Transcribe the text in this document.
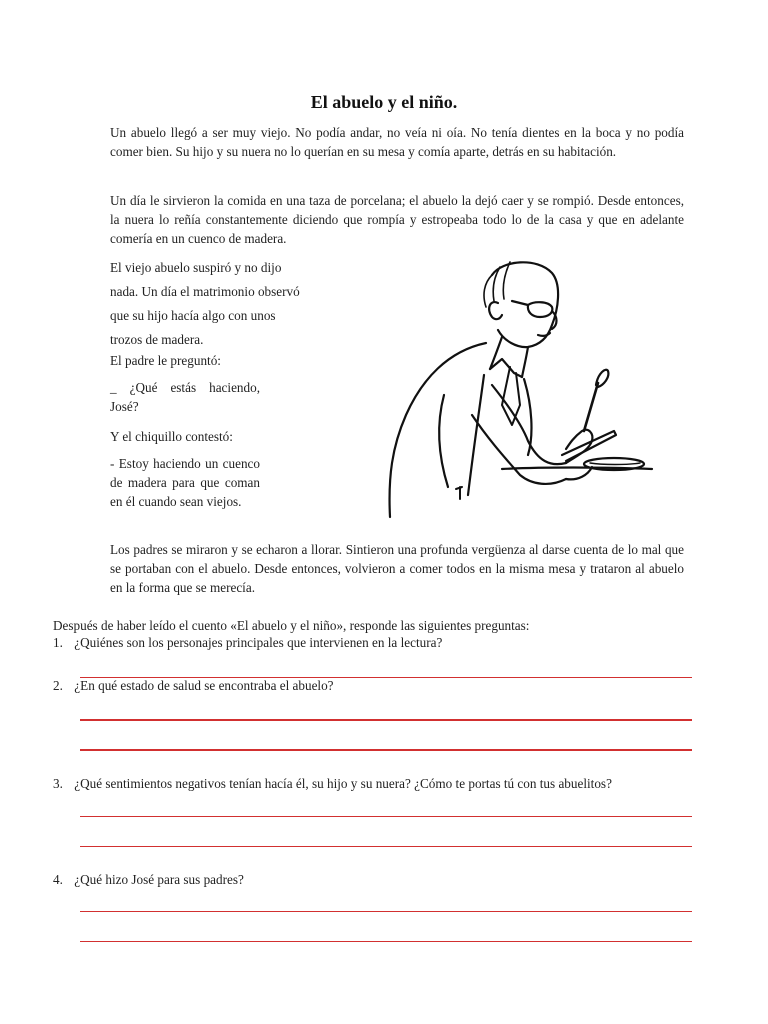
El abuelo y el niño.
Un abuelo llegó a ser muy viejo. No podía andar, no veía ni oía. No tenía dientes en la boca y no podía comer bien. Su hijo y su nuera no lo querían en su mesa y comía aparte, detrás en su habitación.
Un día le sirvieron la comida en una taza de porcelana; el abuelo la dejó caer y se rompió. Desde entonces, la nuera lo reñía constantemente diciendo que rompía y estropeaba todo lo de la casa y que en adelante comería en un cuenco de madera.
El viejo abuelo suspiró y no dijo nada. Un día el matrimonio observó que su hijo hacía algo con unos trozos de madera.
El padre le preguntó:
_ ¿Qué estás haciendo, José?
Y el chiquillo contestó:
- Estoy haciendo un cuenco de madera para que coman en él cuando sean viejos.
Los padres se miraron y se echaron a llorar. Sintieron una profunda vergüenza al darse cuenta de lo mal que se portaban con el abuelo. Desde entonces, volvieron a comer todos en la misma mesa y trataron al abuelo en la forma que se merecía.
Después de haber leído el cuento «El abuelo y el niño», responde las siguientes preguntas:
1. ¿Quiénes son los personajes principales que intervienen en la lectura?
2. ¿En qué estado de salud se encontraba el abuelo?
3. ¿Qué sentimientos negativos tenían hacía él, su hijo y su nuera? ¿Cómo te portas tú con tus abuelitos?
4. ¿Qué hizo José para sus padres?
